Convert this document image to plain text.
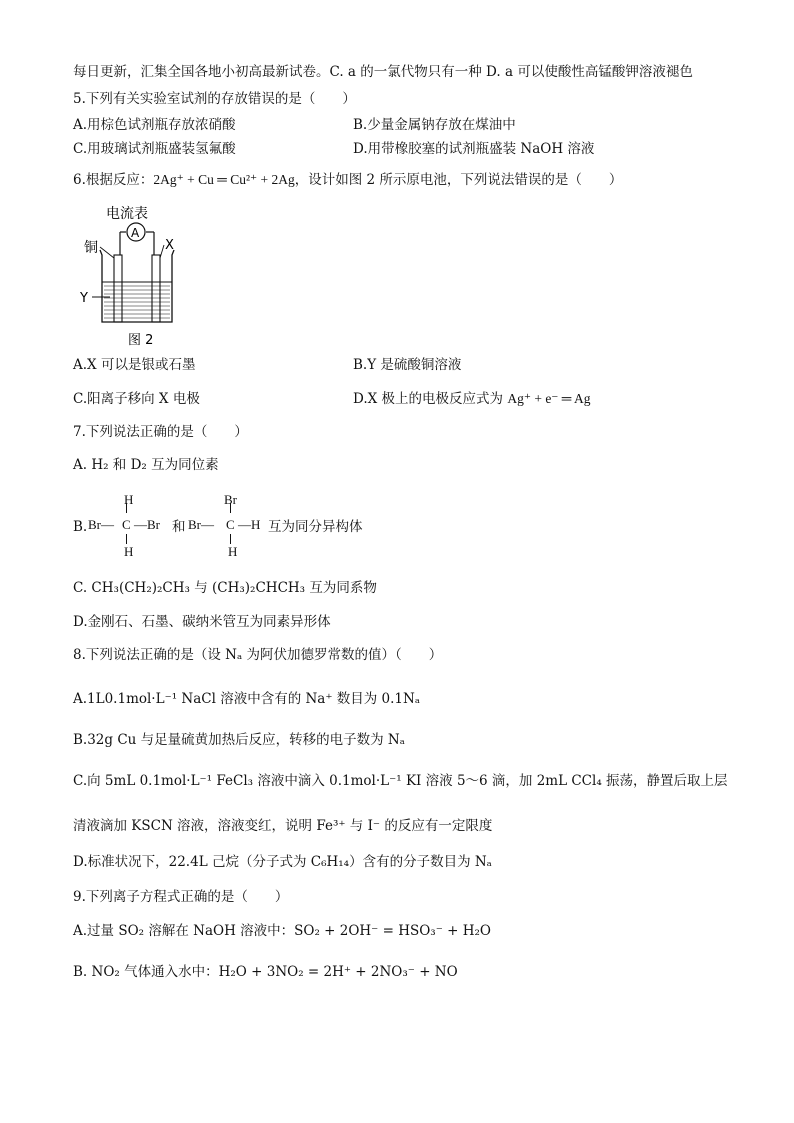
每日更新，汇集全国各地小初高最新试卷。C. a 的一氯代物只有一种 D. a 可以使酸性高锰酸钾溶液褪色
5.下列有关实验室试剂的存放错误的是（　　）
A.用棕色试剂瓶存放浓硝酸	B.少量金属钠存放在煤油中
C.用玻璃试剂瓶盛装氢氟酸	D.用带橡胶塞的试剂瓶盛装 NaOH 溶液
6.根据反应：2Ag⁺ + Cu ═ Cu²⁺ + 2Ag，设计如图 2 所示原电池，下列说法错误的是（　　）
电流表
A
铜	X
Y
图 2
A.X 可以是银或石墨	B.Y 是硫酸铜溶液
C.阳离子移向 X 电极	D.X 极上的电极反应式为 Ag⁺ + e⁻ ═ Ag
7.下列说法正确的是（　　）
A. H₂ 和 D₂ 互为同位素
B.
H
Br— C —Br
H
和
Br
Br— C —H
H
互为同分异构体
C. CH₃(CH₂)₂CH₃ 与 (CH₃)₂CHCH₃ 互为同系物
D.金刚石、石墨、碳纳米管互为同素异形体
8.下列说法正确的是（设 Nₐ 为阿伏加德罗常数的值）（　　）
A.1L0.1mol·L⁻¹ NaCl 溶液中含有的 Na⁺ 数目为 0.1Nₐ
B.32g Cu 与足量硫黄加热后反应，转移的电子数为 Nₐ
C.向 5mL 0.1mol·L⁻¹ FeCl₃ 溶液中滴入 0.1mol·L⁻¹ KI 溶液 5～6 滴，加 2mL CCl₄ 振荡，静置后取上层
清液滴加 KSCN 溶液，溶液变红，说明 Fe³⁺ 与 I⁻ 的反应有一定限度
D.标准状况下，22.4L 己烷（分子式为 C₆H₁₄）含有的分子数目为 Nₐ
9.下列离子方程式正确的是（　　）
A.过量 SO₂ 溶解在 NaOH 溶液中：SO₂ + 2OH⁻ = HSO₃⁻ + H₂O
B. NO₂ 气体通入水中：H₂O + 3NO₂ = 2H⁺ + 2NO₃⁻ + NO
